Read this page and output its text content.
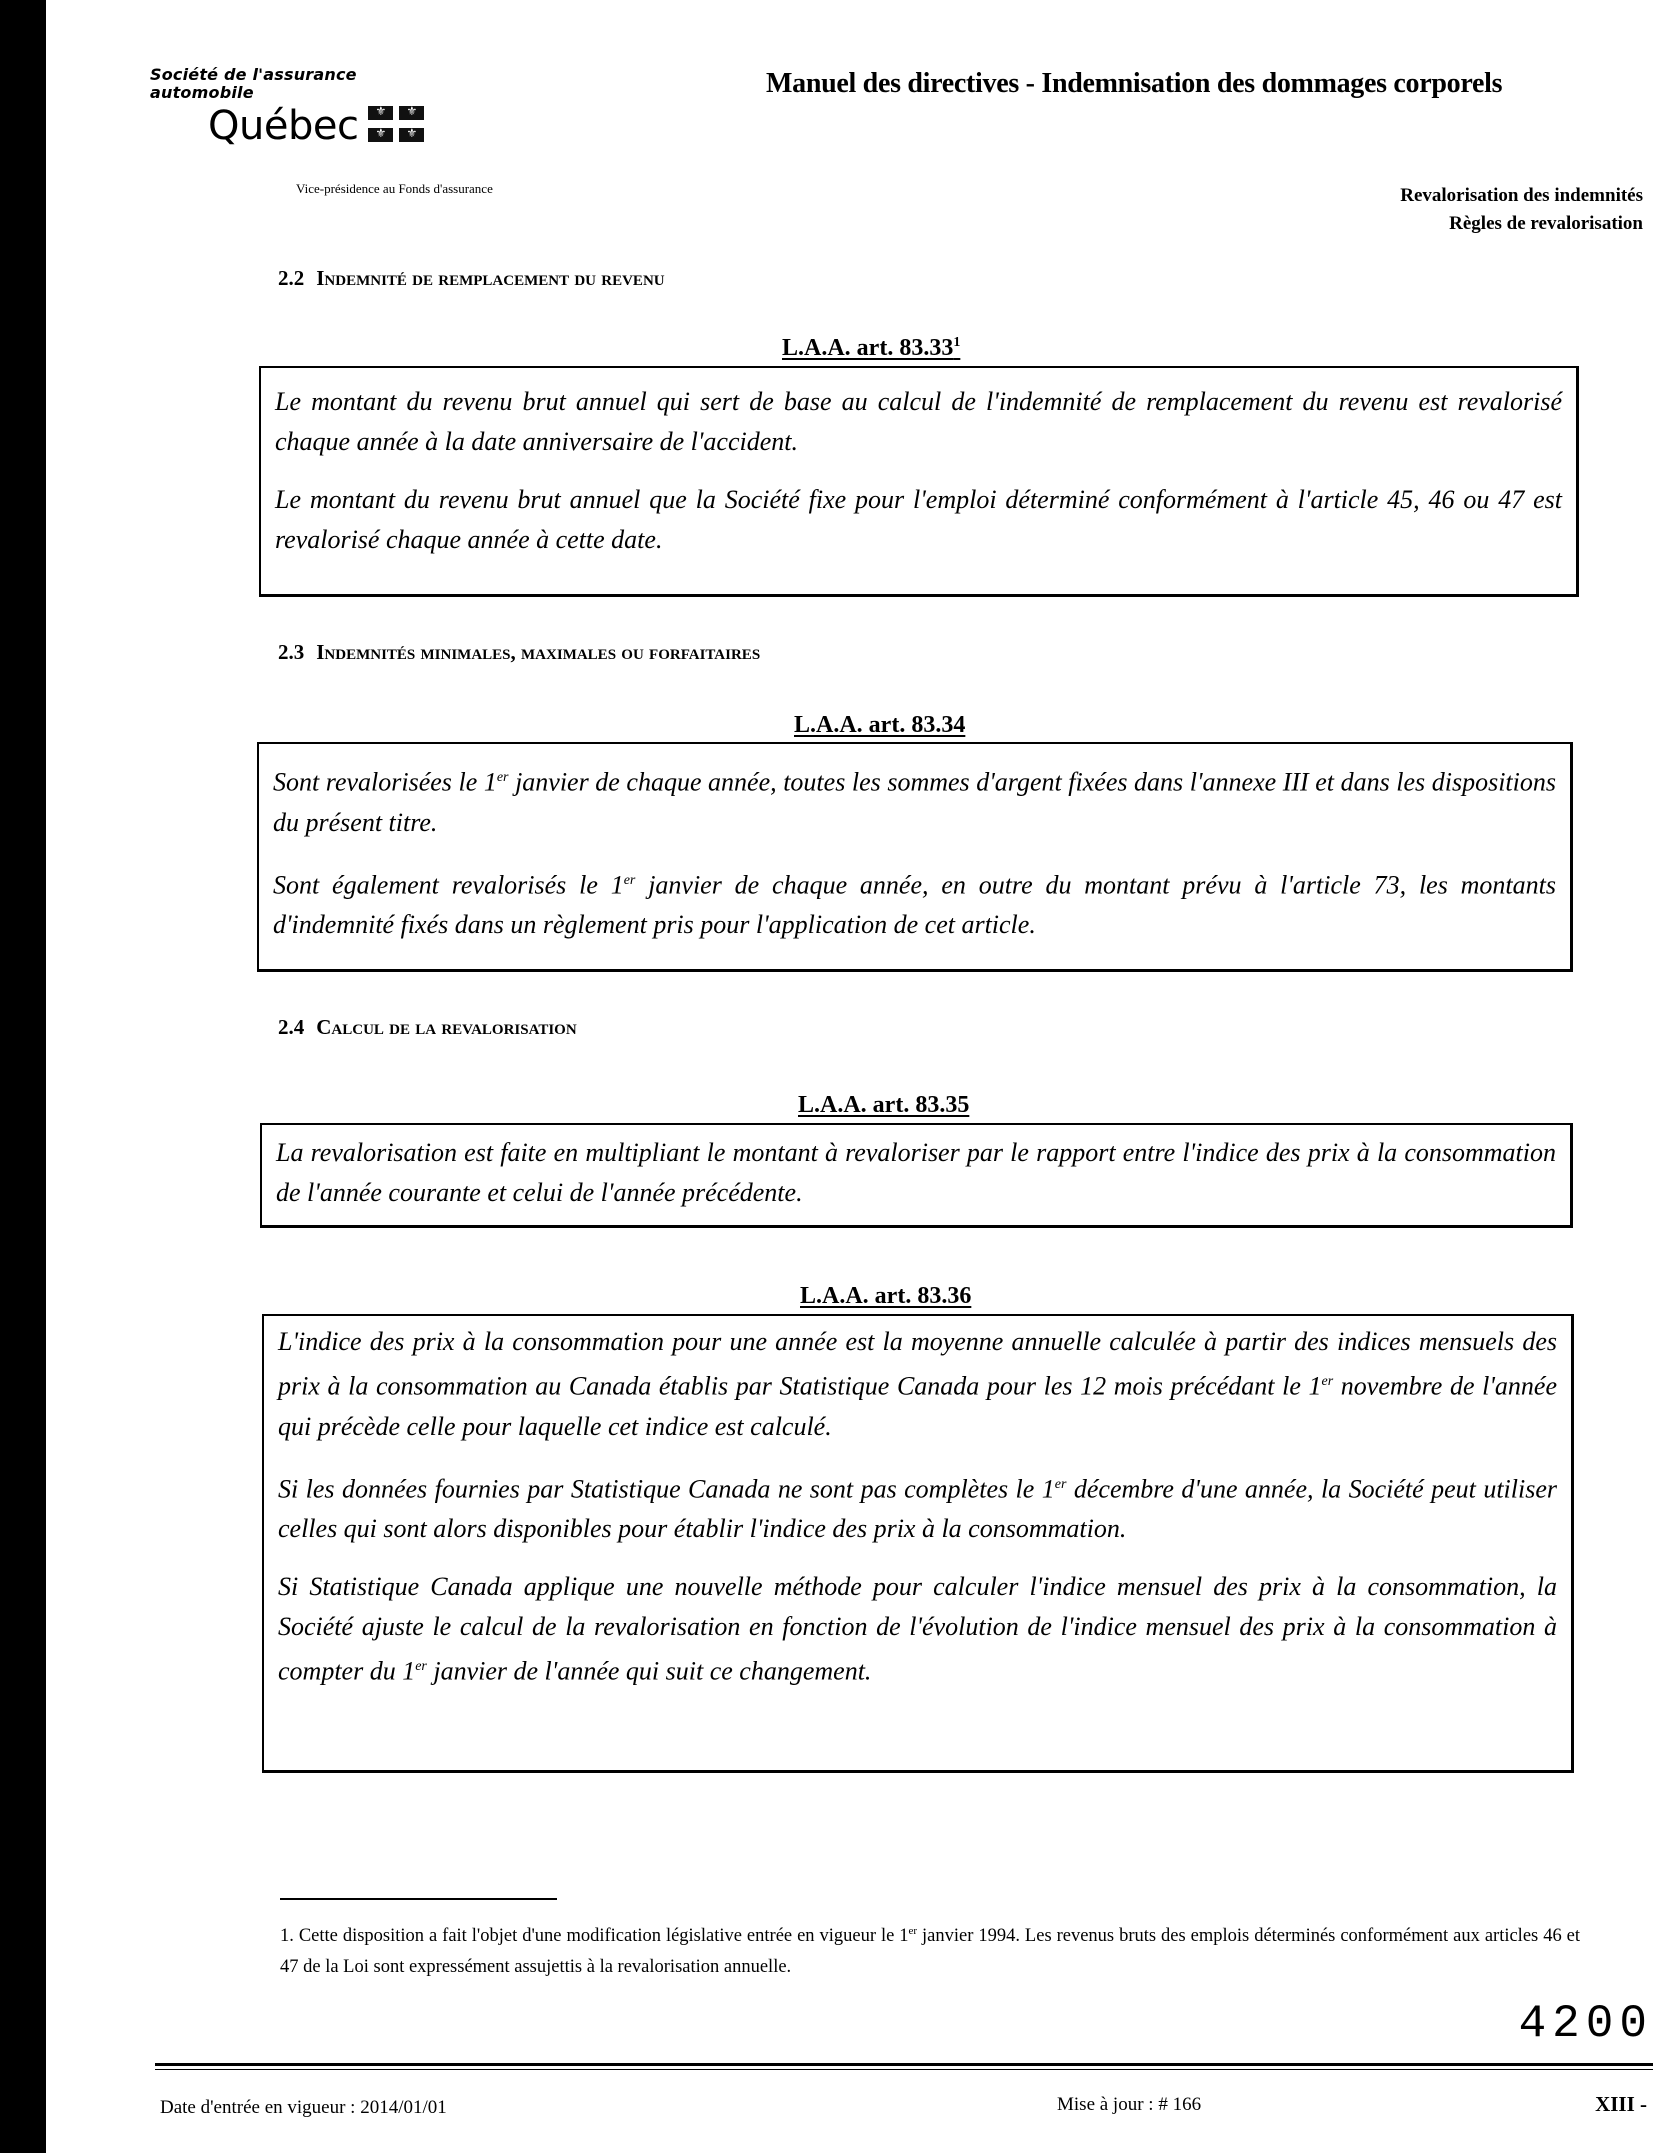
Société de l'assurance
automobile
Québec
⚜
⚜
⚜
⚜
Vice-présidence au Fonds d'assurance
Manuel des directives - Indemnisation des dommages corporels
Revalorisation des indemnités
Règles de revalorisation
2.2 Indemnité de remplacement du revenu
L.A.A. art. 83.33$^1$

Le montant du revenu brut annuel qui sert de base au calcul de l'indemnité de remplacement du revenu est revalorisé chaque année à la date anniversaire de l'accident.

Le montant du revenu brut annuel que la Société fixe pour l'emploi déterminé conformément à l'article 45, 46 ou 47 est revalorisé chaque année à cette date.

2.3 Indemnités minimales, maximales ou forfaitaires
L.A.A. art. 83.34

Sont revalorisées le 1er janvier de chaque année, toutes les sommes d'argent fixées dans l'annexe III et dans les dispositions du présent titre.

Sont également revalorisés le 1er janvier de chaque année, en outre du montant prévu à l'article 73, les montants d'indemnité fixés dans un règlement pris pour l'application de cet article.

2.4 Calcul de la revalorisation
L.A.A. art. 83.35

La revalorisation est faite en multipliant le montant à revaloriser par le rapport entre l'indice des prix à la consommation de l'année courante et celui de l'année précédente.

L.A.A. art. 83.36

L'indice des prix à la consommation pour une année est la moyenne annuelle calculée à partir des indices mensuels des prix à la consommation au Canada établis par Statistique Canada pour les 12 mois précédant le 1er novembre de l'année qui précède celle pour laquelle cet indice est calculé.

Si les données fournies par Statistique Canada ne sont pas complètes le 1er décembre d'une année, la Société peut utiliser celles qui sont alors disponibles pour établir l'indice des prix à la consommation.

Si Statistique Canada applique une nouvelle méthode pour calculer l'indice mensuel des prix à la consommation, la Société ajuste le calcul de la revalorisation en fonction de l'évolution de l'indice mensuel des prix à la consommation à compter du 1er janvier de l'année qui suit ce changement.

1. Cette disposition a fait l'objet d'une modification législative entrée en vigueur le 1er janvier 1994. Les revenus bruts des emplois déterminés conformément aux articles 46 et 47 de la Loi sont expressément assujettis à la revalorisation annuelle.
4200
Date d'entrée en vigueur : 2014/01/01	Mise à jour : # 166	XIII -
